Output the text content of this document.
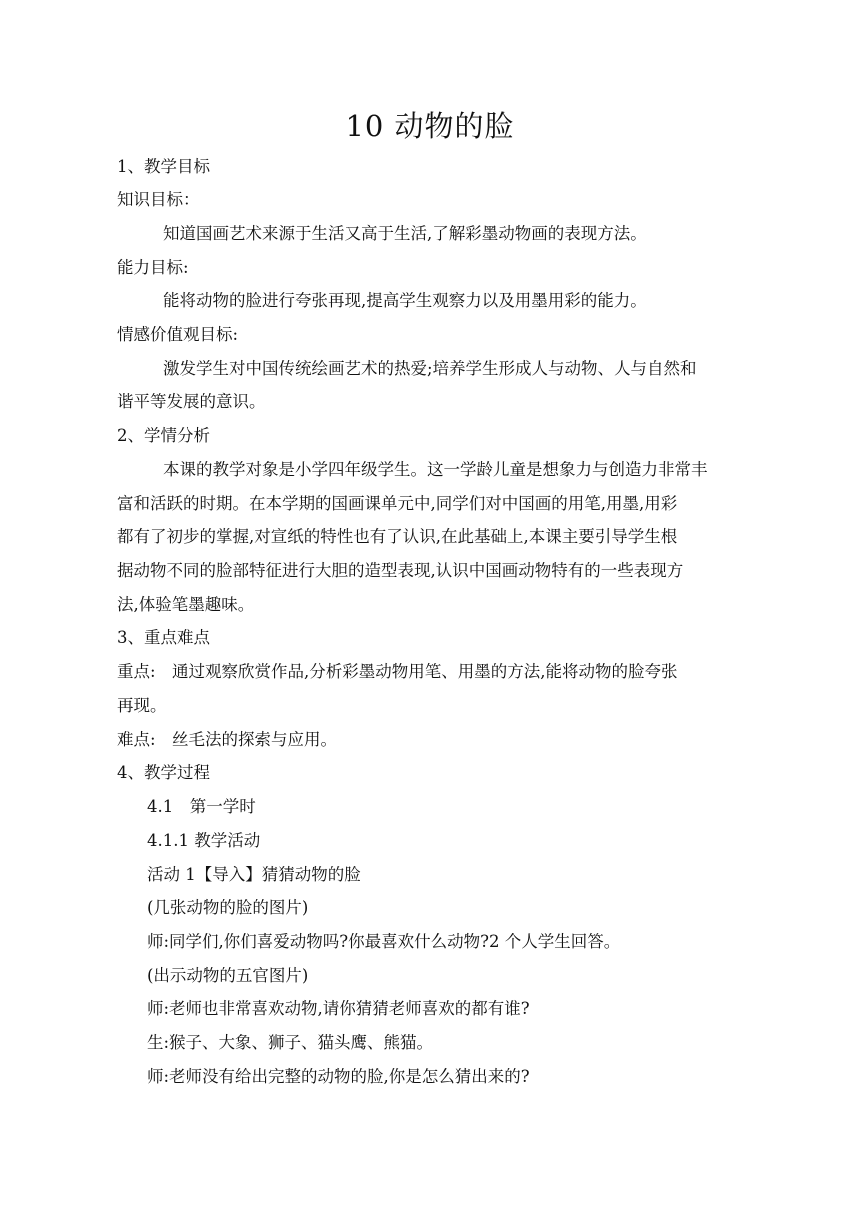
10 动物的脸
1、教学目标
知识目标：
知道国画艺术来源于生活又高于生活,了解彩墨动物画的表现方法。
能力目标:
能将动物的脸进行夸张再现,提高学生观察力以及用墨用彩的能力。
情感价值观目标:
激发学生对中国传统绘画艺术的热爱;培养学生形成人与动物、人与自然和
谐平等发展的意识。
2、学情分析
本课的教学对象是小学四年级学生。这一学龄儿童是想象力与创造力非常丰
富和活跃的时期。在本学期的国画课单元中,同学们对中国画的用笔,用墨,用彩
都有了初步的掌握,对宣纸的特性也有了认识,在此基础上,本课主要引导学生根
据动物不同的脸部特征进行大胆的造型表现,认识中国画动物特有的一些表现方
法,体验笔墨趣味。
3、重点难点
重点:　通过观察欣赏作品,分析彩墨动物用笔、用墨的方法,能将动物的脸夸张
再现。
难点:　丝毛法的探索与应用。
4、教学过程
4.1　第一学时
4.1.1 教学活动
活动 1【导入】猜猜动物的脸
(几张动物的脸的图片)
师:同学们,你们喜爱动物吗?你最喜欢什么动物?2 个人学生回答。
(出示动物的五官图片)
师:老师也非常喜欢动物,请你猜猜老师喜欢的都有谁?
生:猴子、大象、狮子、猫头鹰、熊猫。
师:老师没有给出完整的动物的脸,你是怎么猜出来的?
